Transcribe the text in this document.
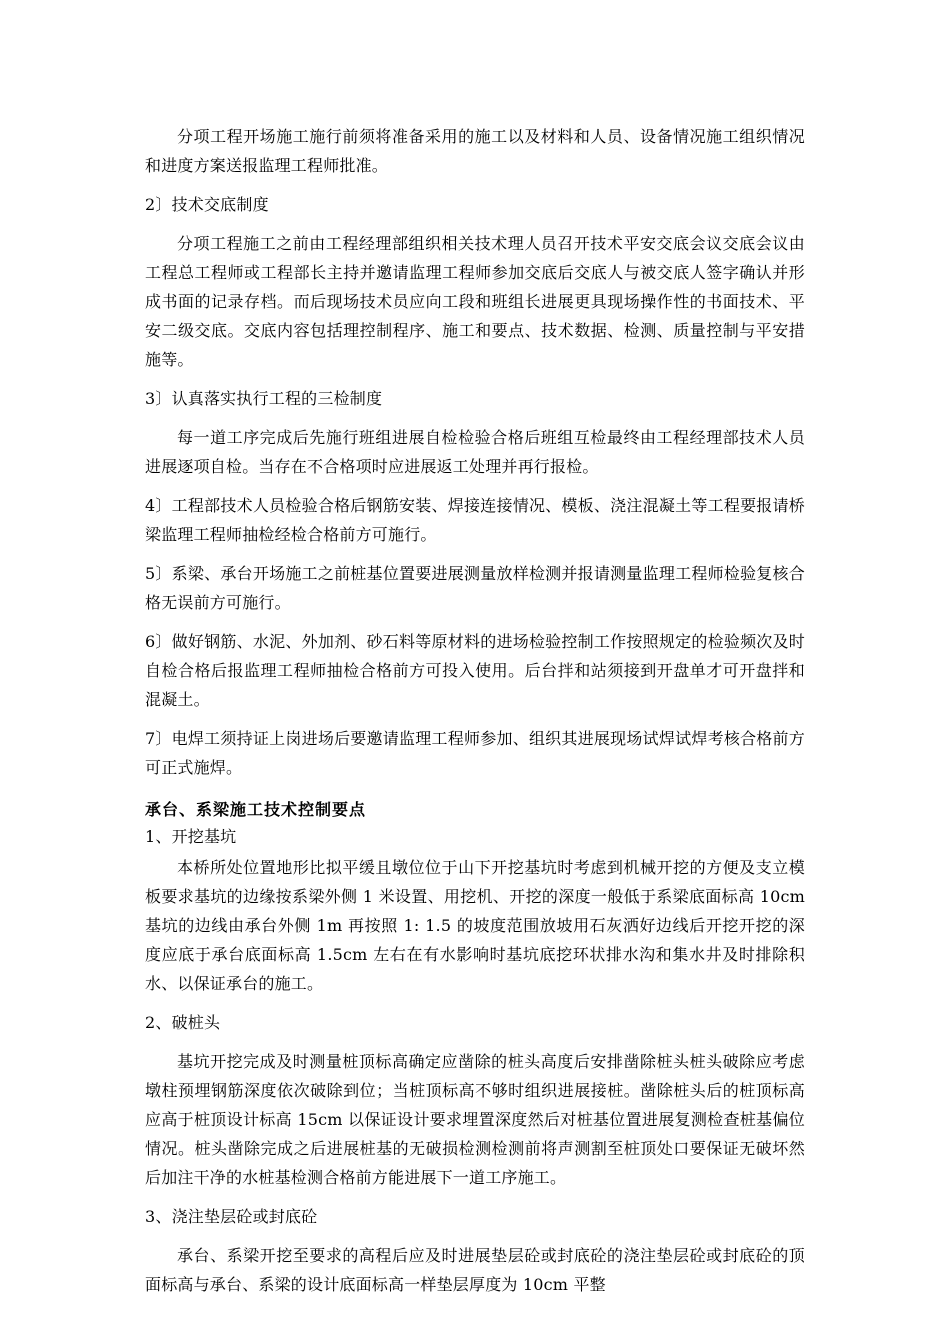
分项工程开场施工施行前须将准备采用的施工以及材料和人员、设备情况施工组织情况和进度方案送报监理工程师批准。

2〕技术交底制度

分项工程施工之前由工程经理部组织相关技术理人员召开技术平安交底会议交底会议由工程总工程师或工程部长主持并邀请监理工程师参加交底后交底人与被交底人签字确认并形成书面的记录存档。而后现场技术员应向工段和班组长进展更具现场操作性的书面技术、平安二级交底。交底内容包括理控制程序、施工和要点、技术数据、检测、质量控制与平安措施等。

3〕认真落实执行工程的三检制度

每一道工序完成后先施行班组进展自检检验合格后班组互检最终由工程经理部技术人员进展逐项自检。当存在不合格项时应进展返工处理并再行报检。

4〕工程部技术人员检验合格后钢筋安装、焊接连接情况、模板、浇注混凝土等工程要报请桥梁监理工程师抽检经检合格前方可施行。

5〕系梁、承台开场施工之前桩基位置要进展测量放样检测并报请测量监理工程师检验复核合格无误前方可施行。

6〕做好钢筋、水泥、外加剂、砂石料等原材料的进场检验控制工作按照规定的检验频次及时自检合格后报监理工程师抽检合格前方可投入使用。后台拌和站须接到开盘单才可开盘拌和混凝土。

7〕电焊工须持证上岗进场后要邀请监理工程师参加、组织其进展现场试焊试焊考核合格前方可正式施焊。

承台、系梁施工技术控制要点

1、开挖基坑

本桥所处位置地形比拟平缓且墩位位于山下开挖基坑时考虑到机械开挖的方便及支立模板要求基坑的边缘按系梁外侧 1 米设置、用挖机、开挖的深度一般低于系梁底面标高 10cm 基坑的边线由承台外侧 1m 再按照 1: 1.5 的坡度范围放坡用石灰洒好边线后开挖开挖的深度应底于承台底面标高 1.5cm 左右在有水影响时基坑底挖环状排水沟和集水井及时排除积水、以保证承台的施工。

2、破桩头

基坑开挖完成及时测量桩顶标高确定应凿除的桩头高度后安排凿除桩头桩头破除应考虑墩柱预埋钢筋深度依次破除到位；当桩顶标高不够时组织进展接桩。凿除桩头后的桩顶标高应高于桩顶设计标高 15cm 以保证设计要求埋置深度然后对桩基位置进展复测检查桩基偏位情况。桩头凿除完成之后进展桩基的无破损检测检测前将声测割至桩顶处口要保证无破坏然后加注干净的水桩基检测合格前方能进展下一道工序施工。

3、浇注垫层砼或封底砼

承台、系梁开挖至要求的高程后应及时进展垫层砼或封底砼的浇注垫层砼或封底砼的顶面标高与承台、系梁的设计底面标高一样垫层厚度为 10cm 平整
